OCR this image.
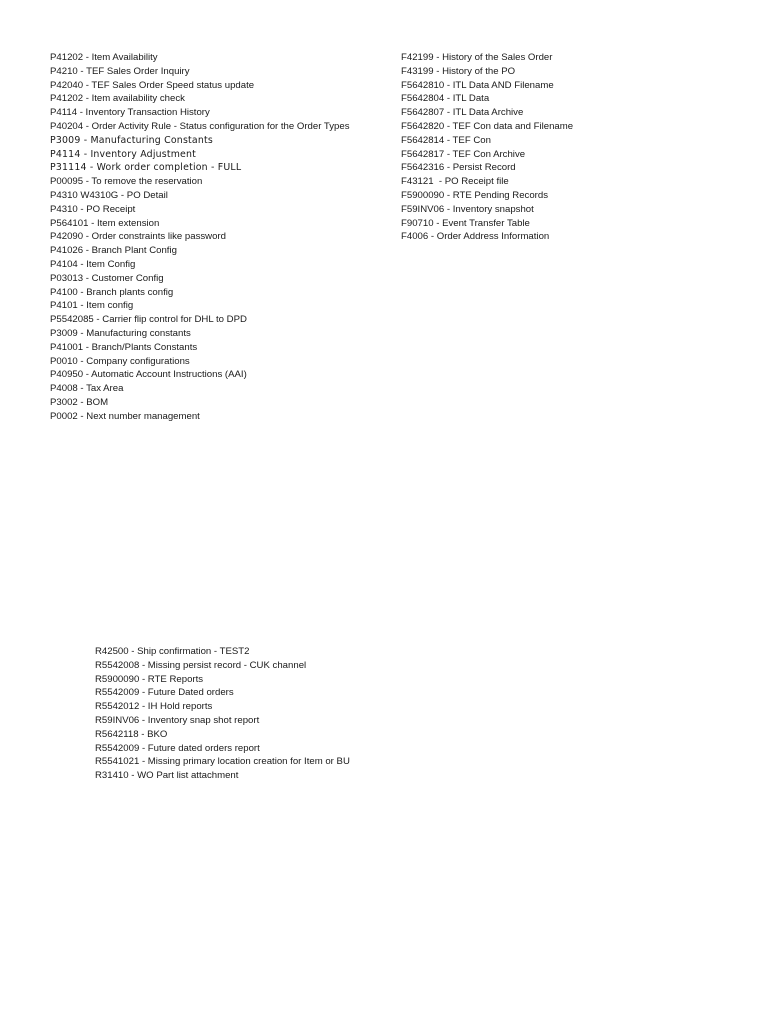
P41202 - Item Availability
P4210 - TEF Sales Order Inquiry
P42040 - TEF Sales Order Speed status update
P41202 - Item availability check
P4114 - Inventory Transaction History
P40204 - Order Activity Rule - Status configuration for the Order Types
P3009 - Manufacturing Constants
P4114 - Inventory Adjustment
P31114 - Work order completion - FULL
P00095 - To remove the reservation
P4310 W4310G - PO Detail
P4310 - PO Receipt
P564101 - Item extension
P42090 - Order constraints like password
P41026 - Branch Plant Config
P4104 - Item Config
P03013 - Customer Config
P4100 - Branch plants config
P4101 - Item config
P5542085 - Carrier flip control for DHL to DPD
P3009 - Manufacturing constants
P41001 - Branch/Plants Constants
P0010 - Company configurations
P40950 - Automatic Account Instructions (AAI)
P4008 - Tax Area
P3002 - BOM
P0002 - Next number management
F42199 - History of the Sales Order
F43199 - History of the PO
F5642810 - ITL Data AND Filename
F5642804 - ITL Data
F5642807 - ITL Data Archive
F5642820 - TEF Con data and Filename
F5642814 - TEF Con
F5642817 - TEF Con Archive
F5642316 - Persist Record
F43121  - PO Receipt file
F5900090 - RTE Pending Records
F59INV06 - Inventory snapshot
F90710 - Event Transfer Table
F4006 - Order Address Information
R42500 - Ship confirmation - TEST2
R5542008 - Missing persist record - CUK channel
R5900090 - RTE Reports
R5542009 - Future Dated orders
R5542012 - IH Hold reports
R59INV06 - Inventory snap shot report
R5642118 - BKO
R5542009 - Future dated orders report
R5541021 - Missing primary location creation for Item or BU
R31410 - WO Part list attachment
